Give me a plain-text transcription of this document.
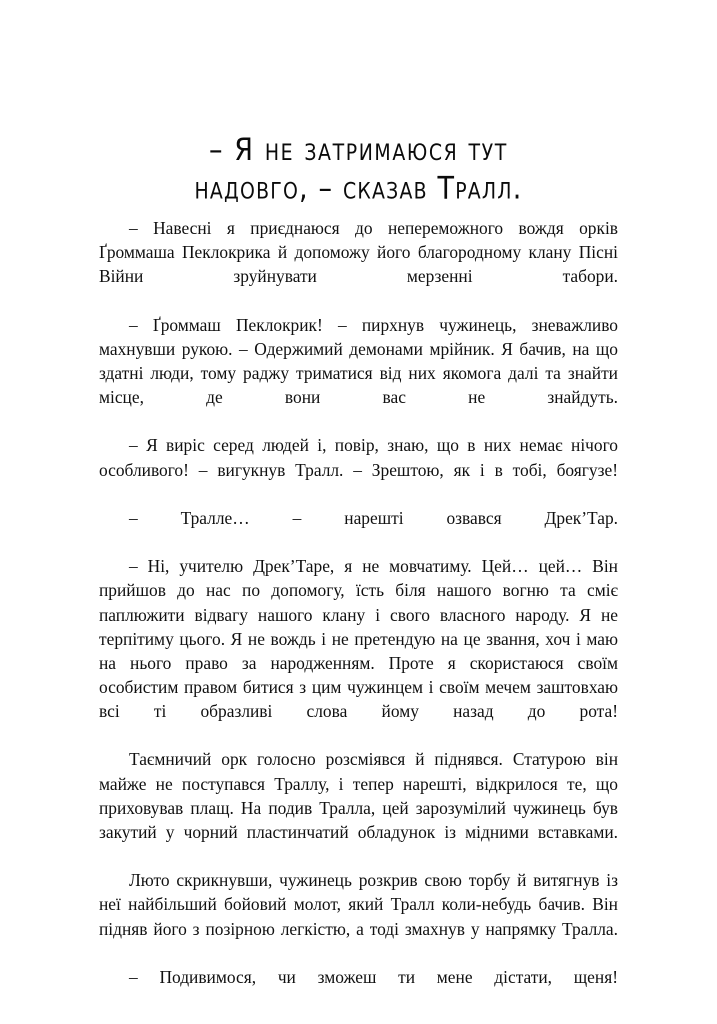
– Я не затримаюся тут
надовго, – сказав Тралл.

– Навесні я приєднаюся до непереможного вождя орків Ґроммаша Пеклокрика й допоможу його благородному клану Пісні Війни зруйнувати мерзенні табори.

– Ґроммаш Пеклокрик! – пирхнув чужинець, зневажливо махнувши рукою. – Одержимий демонами мрійник. Я бачив, на що здатні люди, тому раджу триматися від них якомога далі та знайти місце, де вони вас не знайдуть.

– Я виріс серед людей і, повір, знаю, що в них немає нічого особливого! – вигукнув Тралл. – Зрештою, як і в тобі, боягузе!

– Тралле… – нарешті озвався Дрек’Тар.

– Ні, учителю Дрек’Таре, я не мовчатиму. Цей… цей… Він прийшов до нас по допомогу, їсть біля нашого вогню та сміє паплюжити відвагу нашого клану і свого власного народу. Я не терпітиму цього. Я не вождь і не претендую на це звання, хоч і маю на нього право за народженням. Проте я скористаюся своїм особистим правом битися з цим чужинцем і своїм мечем заштовхаю всі ті образливі слова йому назад до рота!

Таємничий орк голосно розсміявся й піднявся. Статурою він майже не поступався Траллу, і тепер нарешті, відкрилося те, що приховував плащ. На подив Тралла, цей зарозумілий чужинець був закутий у чорний пластинчатий обладунок із мідними вставками.

Люто скрикнувши, чужинець розкрив свою торбу й витягнув із неї найбільший бойовий молот, який Тралл коли-небудь бачив. Він підняв його з позірною легкістю, а тоді змахнув у напрямку Тралла.

– Подивимося, чи зможеш ти мене дістати, щеня!
